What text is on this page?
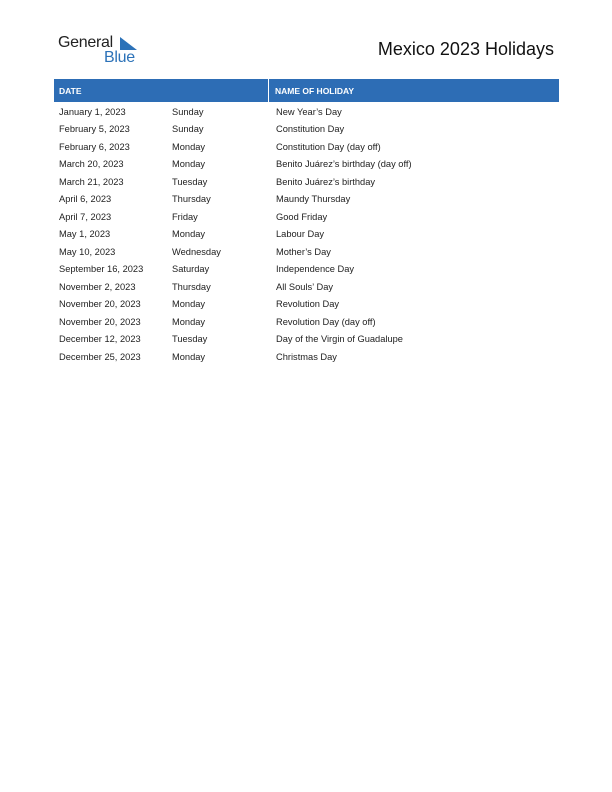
General
Blue	Mexico 2023 Holidays
DATE	NAME OF HOLIDAY
January 1, 2023	Sunday	New Year’s Day
February 5, 2023	Sunday	Constitution Day
February 6, 2023	Monday	Constitution Day (day off)
March 20, 2023	Monday	Benito Juárez’s birthday (day off)
March 21, 2023	Tuesday	Benito Juárez’s birthday
April 6, 2023	Thursday	Maundy Thursday
April 7, 2023	Friday	Good Friday
May 1, 2023	Monday	Labour Day
May 10, 2023	Wednesday	Mother’s Day
September 16, 2023	Saturday	Independence Day
November 2, 2023	Thursday	All Souls’ Day
November 20, 2023	Monday	Revolution Day
November 20, 2023	Monday	Revolution Day (day off)
December 12, 2023	Tuesday	Day of the Virgin of Guadalupe
December 25, 2023	Monday	Christmas Day
